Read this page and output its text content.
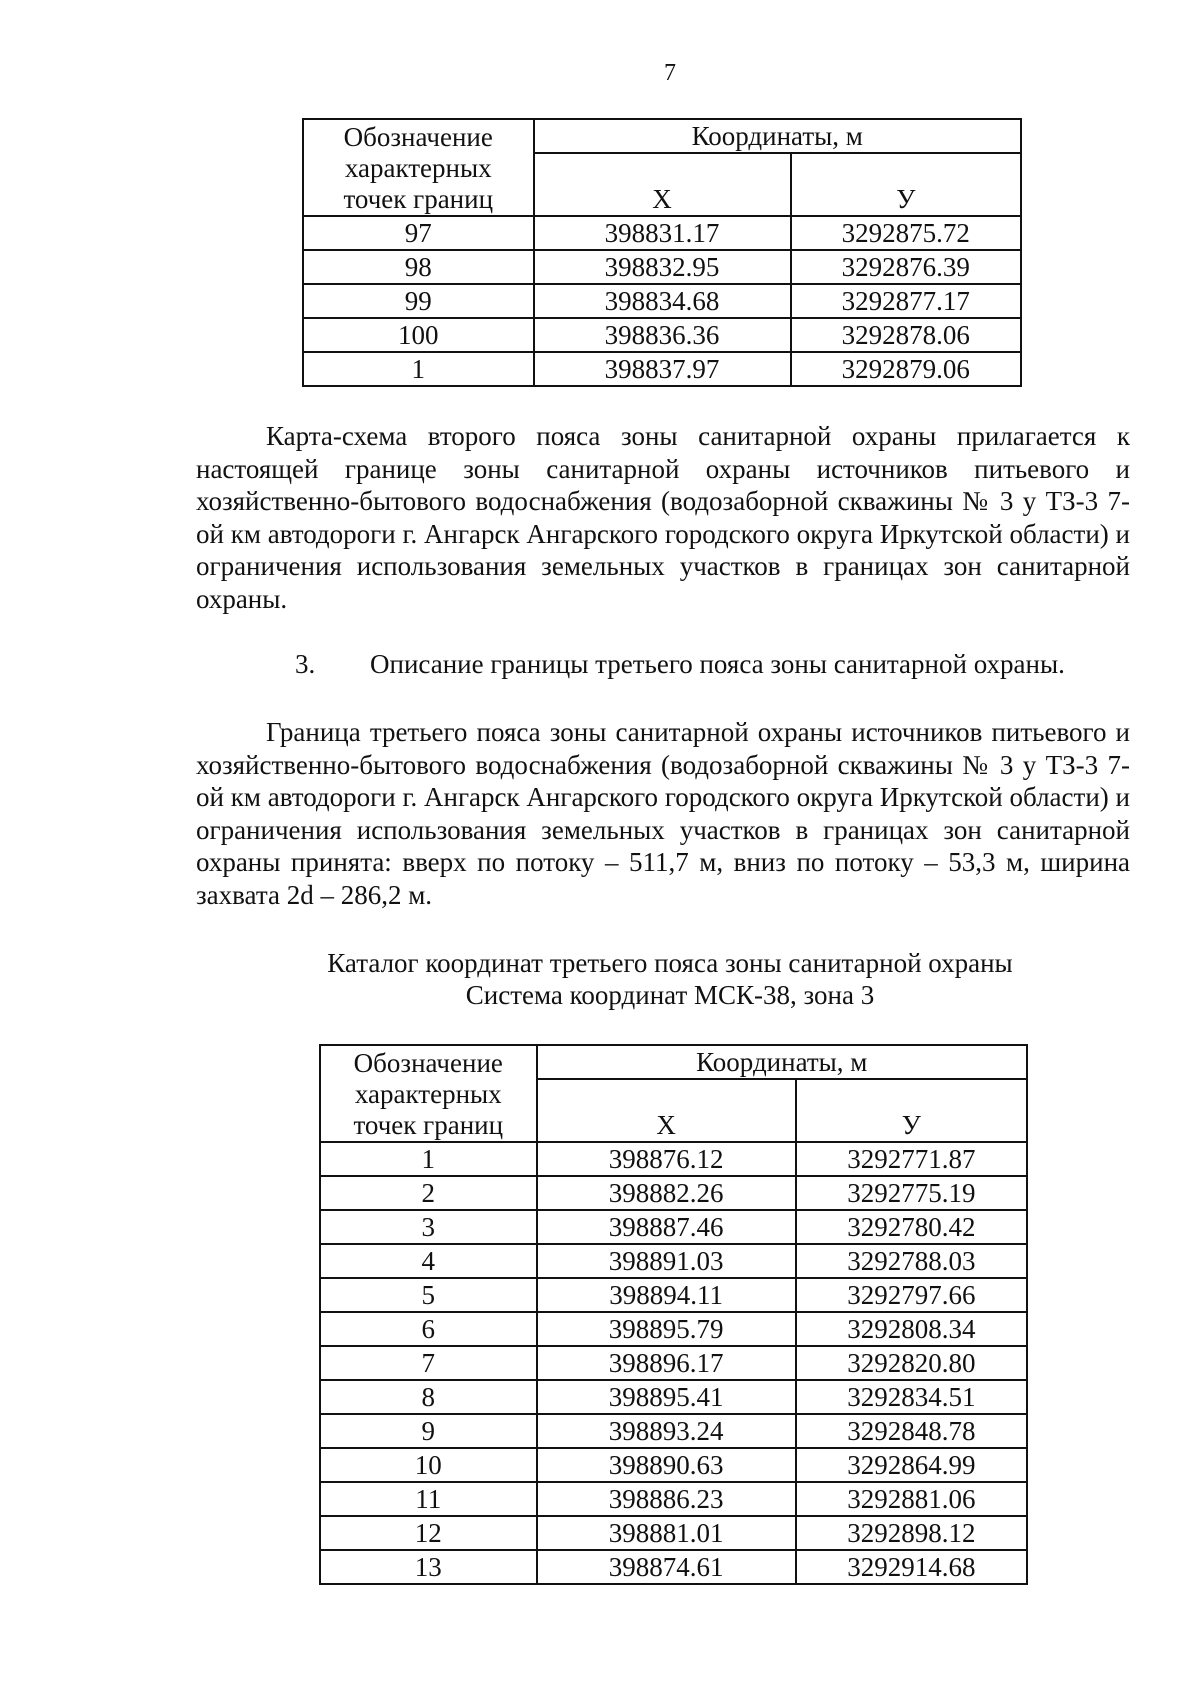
7
Обозначение
характерных
точек границ	Координаты, м	
	Х	У
97	398831.17	3292875.72
98	398832.95	3292876.39
99	398834.68	3292877.17
100	398836.36	3292878.06
1	398837.97	3292879.06

Карта-схема второго пояса зоны санитарной охраны прилагается к настоящей границе зоны санитарной охраны источников питьевого и хозяйственно-бытового водоснабжения (водозаборной скважины № 3 у ТЗ-3 7-ой км автодороги г. Ангарск Ангарского городского округа Иркутской области) и ограничения использования земельных участков в границах зон санитарной охраны.

3. Описание границы третьего пояса зоны санитарной охраны.

Граница третьего пояса зоны санитарной охраны источников питьевого и хозяйственно-бытового водоснабжения (водозаборной скважины № 3 у ТЗ-3 7-ой км автодороги г. Ангарск Ангарского городского округа Иркутской области) и ограничения использования земельных участков в границах зон санитарной охраны принята: вверх по потоку – 511,7 м, вниз по потоку – 53,3 м, ширина захвата 2d – 286,2 м.

Каталог координат третьего пояса зоны санитарной охраны
Система координат МСК-38, зона 3
Обозначение
характерных
точек границ	Координаты, м	
	Х	У
1	398876.12	3292771.87
2	398882.26	3292775.19
3	398887.46	3292780.42
4	398891.03	3292788.03
5	398894.11	3292797.66
6	398895.79	3292808.34
7	398896.17	3292820.80
8	398895.41	3292834.51
9	398893.24	3292848.78
10	398890.63	3292864.99
11	398886.23	3292881.06
12	398881.01	3292898.12
13	398874.61	3292914.68
